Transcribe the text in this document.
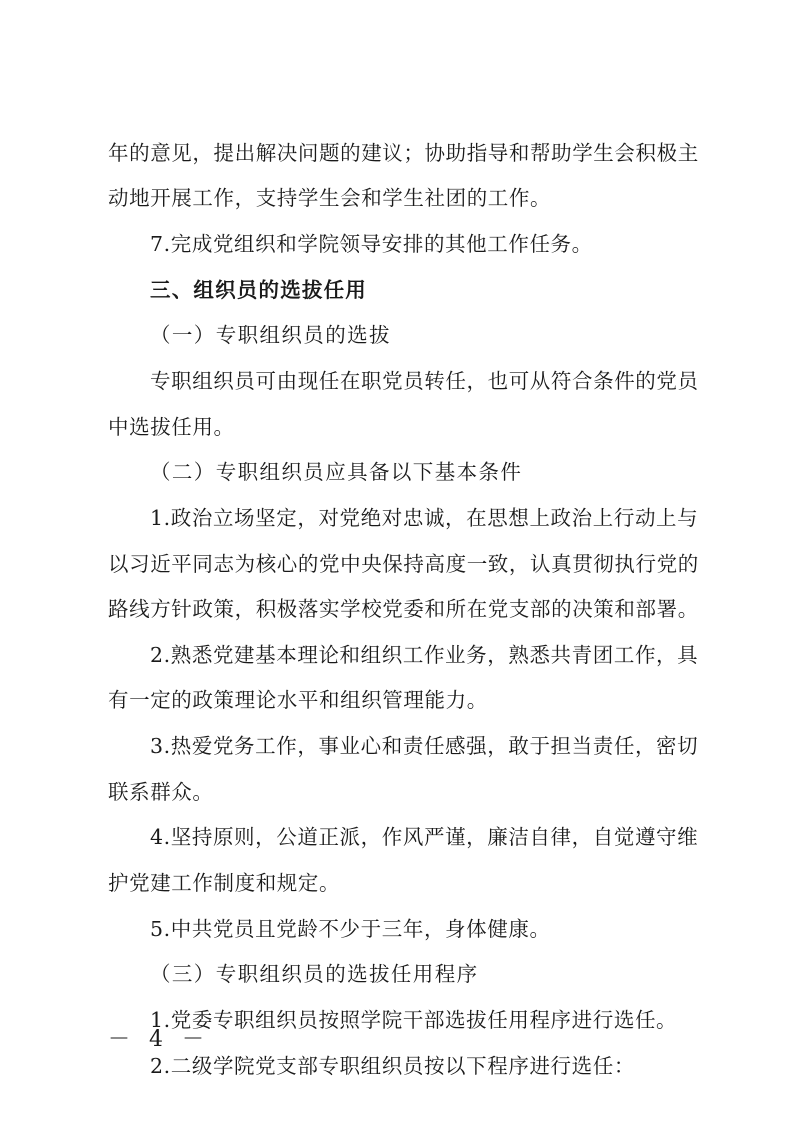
年的意见，提出解决问题的建议；协助指导和帮助学生会积极主
动地开展工作，支持学生会和学生社团的工作。
7.完成党组织和学院领导安排的其他工作任务。
三、组织员的选拔任用
（一）专职组织员的选拔
专职组织员可由现任在职党员转任，也可从符合条件的党员
中选拔任用。
（二）专职组织员应具备以下基本条件
1.政治立场坚定，对党绝对忠诚，在思想上政治上行动上与
以习近平同志为核心的党中央保持高度一致，认真贯彻执行党的
路线方针政策，积极落实学校党委和所在党支部的决策和部署。
2.熟悉党建基本理论和组织工作业务，熟悉共青团工作，具
有一定的政策理论水平和组织管理能力。
3.热爱党务工作，事业心和责任感强，敢于担当责任，密切
联系群众。
4.坚持原则，公道正派，作风严谨，廉洁自律，自觉遵守维
护党建工作制度和规定。
5.中共党员且党龄不少于三年，身体健康。
（三）专职组织员的选拔任用程序
1.党委专职组织员按照学院干部选拔任用程序进行选任。
2.二级学院党支部专职组织员按以下程序进行选任：
－ 4 －
